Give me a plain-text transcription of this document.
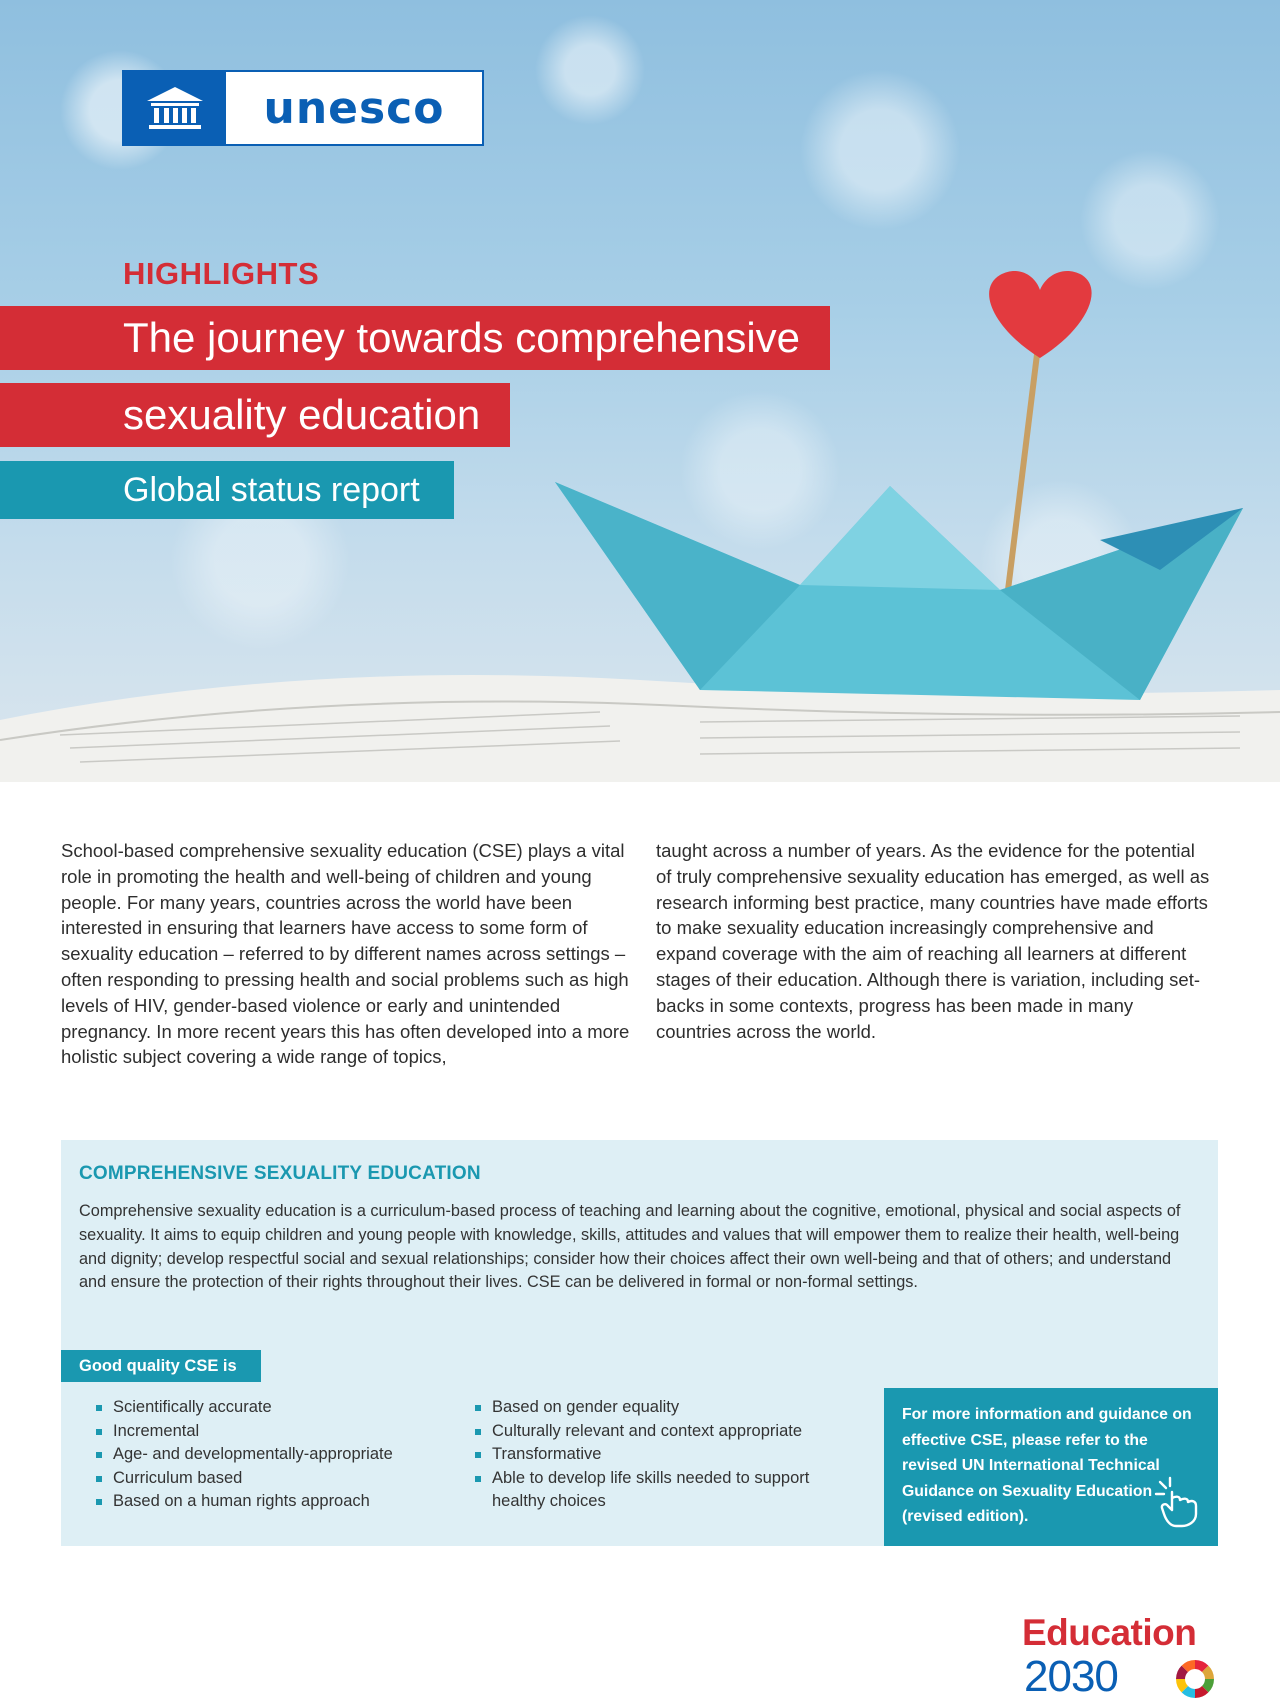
unesco
HIGHLIGHTS
The journey towards comprehensive
sexuality education
Global status report
School-based comprehensive sexuality education (CSE) plays a vital role in promoting the health and well-being of children and young people. For many years, countries across the world have been interested in ensuring that learners have access to some form of sexuality education – referred to by different names across settings – often responding to pressing health and social problems such as high levels of HIV, gender-based violence or early and unintended pregnancy. In more recent years this has often developed into a more holistic subject covering a wide range of topics,
taught across a number of years. As the evidence for the potential of truly comprehensive sexuality education has emerged, as well as research informing best practice, many countries have made efforts to make sexuality education increasingly comprehensive and expand coverage with the aim of reaching all learners at different stages of their education. Although there is variation, including set-backs in some contexts, progress has been made in many countries across the world.
COMPREHENSIVE SEXUALITY EDUCATION
Comprehensive sexuality education is a curriculum-based process of teaching and learning about the cognitive, emotional, physical and social aspects of sexuality. It aims to equip children and young people with knowledge, skills, attitudes and values that will empower them to realize their health, well-being and dignity; develop respectful social and sexual relationships; consider how their choices affect their own well-being and that of others; and understand and ensure the protection of their rights throughout their lives. CSE can be delivered in formal or non-formal settings.
Good quality CSE is
Scientifically accurate
Incremental
Age- and developmentally-appropriate
Curriculum based
Based on a human rights approach
Based on gender equality
Culturally relevant and context appropriate
Transformative
Able to develop life skills needed to support healthy choices
For more information and guidance on effective CSE, please refer to the revised UN International Technical Guidance on Sexuality Education (revised edition).
Education
2030
